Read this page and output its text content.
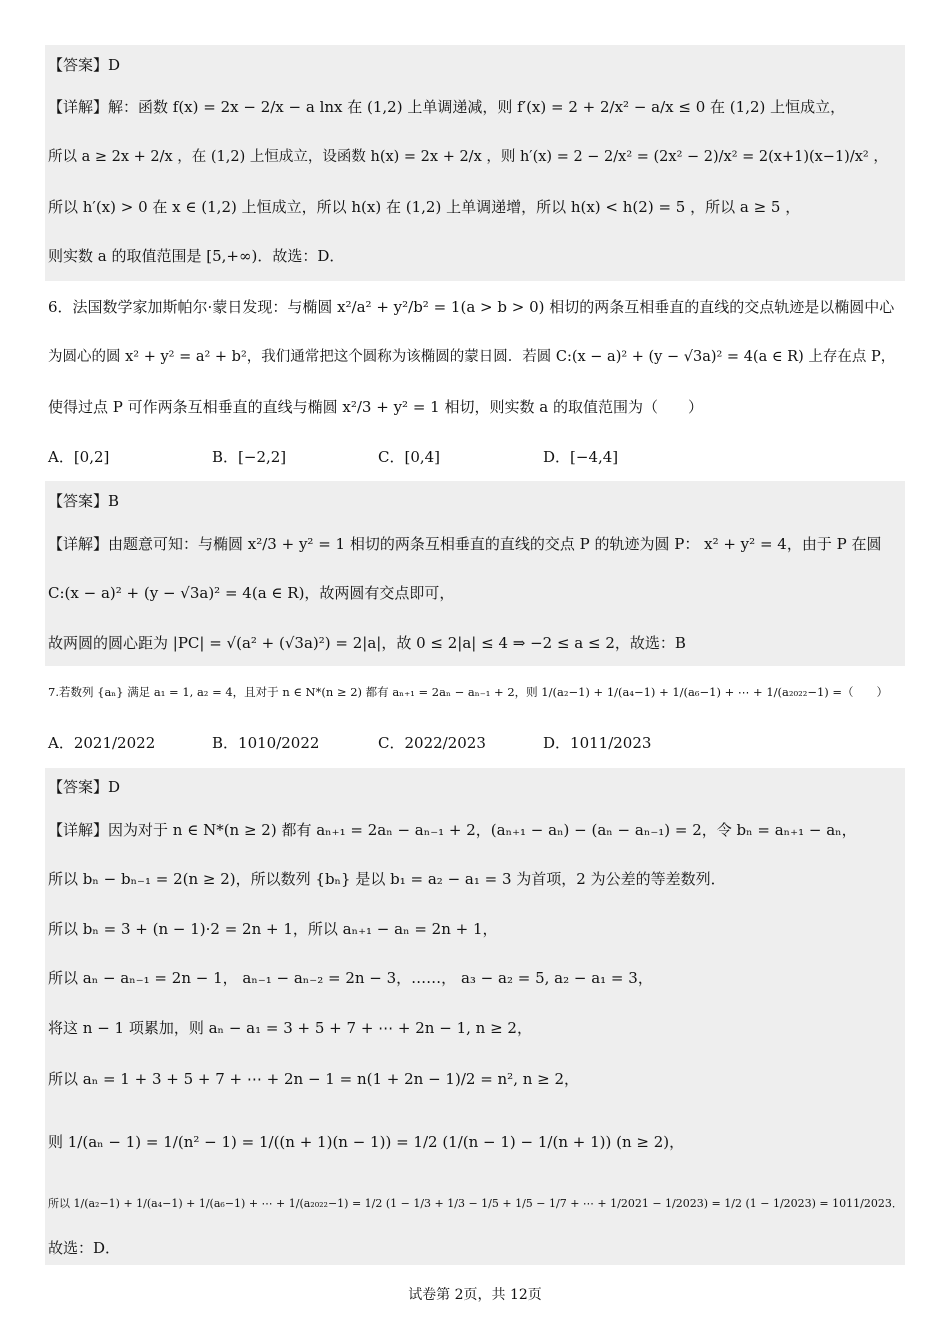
【答案】D
【详解】解：函数 f(x) = 2x − 2/x − a lnx 在 (1,2) 上单调递减，则 f′(x) = 2 + 2/x² − a/x ≤ 0 在 (1,2) 上恒成立，
所以 a ≥ 2x + 2/x ，在 (1,2) 上恒成立，设函数 h(x) = 2x + 2/x ，则 h′(x) = 2 − 2/x² = (2x² − 2)/x² = 2(x+1)(x−1)/x² ，
所以 h′(x) > 0 在 x ∈ (1,2) 上恒成立，所以 h(x) 在 (1,2) 上单调递增，所以 h(x) < h(2) = 5 ，所以 a ≥ 5 ，
则实数 a 的取值范围是 [5,+∞)．故选：D．
6．法国数学家加斯帕尔·蒙日发现：与椭圆 x²/a² + y²/b² = 1(a > b > 0) 相切的两条互相垂直的直线的交点轨迹是以椭圆中心
为圆心的圆 x² + y² = a² + b²，我们通常把这个圆称为该椭圆的蒙日圆．若圆 C:(x − a)² + (y − √3a)² = 4(a ∈ R) 上存在点 P，
使得过点 P 可作两条互相垂直的直线与椭圆 x²/3 + y² = 1 相切，则实数 a 的取值范围为（　　）
A．[0,2]	B．[−2,2]	C．[0,4]	D．[−4,4]
【答案】B
【详解】由题意可知：与椭圆 x²/3 + y² = 1 相切的两条互相垂直的直线的交点 P 的轨迹为圆 P： x² + y² = 4，由于 P 在圆
C:(x − a)² + (y − √3a)² = 4(a ∈ R)，故两圆有交点即可，
故两圆的圆心距为 |PC| = √(a² + (√3a)²) = 2|a|，故 0 ≤ 2|a| ≤ 4 ⇒ −2 ≤ a ≤ 2，故选：B
7.若数列 {aₙ} 满足 a₁ = 1, a₂ = 4，且对于 n ∈ N*(n ≥ 2) 都有 aₙ₊₁ = 2aₙ − aₙ₋₁ + 2，则 1/(a₂−1) + 1/(a₄−1) + 1/(a₆−1) + ⋯ + 1/(a₂₀₂₂−1) =（　　）
A．2021/2022	B．1010/2022	C．2022/2023	D．1011/2023
【答案】D
【详解】因为对于 n ∈ N*(n ≥ 2) 都有 aₙ₊₁ = 2aₙ − aₙ₋₁ + 2，(aₙ₊₁ − aₙ) − (aₙ − aₙ₋₁) = 2，令 bₙ = aₙ₊₁ − aₙ，
所以 bₙ − bₙ₋₁ = 2(n ≥ 2)，所以数列 {bₙ} 是以 b₁ = a₂ − a₁ = 3 为首项，2 为公差的等差数列．
所以 bₙ = 3 + (n − 1)·2 = 2n + 1，所以 aₙ₊₁ − aₙ = 2n + 1，
所以 aₙ − aₙ₋₁ = 2n − 1， aₙ₋₁ − aₙ₋₂ = 2n − 3，……， a₃ − a₂ = 5, a₂ − a₁ = 3，
将这 n − 1 项累加，则 aₙ − a₁ = 3 + 5 + 7 + ⋯ + 2n − 1, n ≥ 2，
所以 aₙ = 1 + 3 + 5 + 7 + ⋯ + 2n − 1 = n(1 + 2n − 1)/2 = n², n ≥ 2，
则 1/(aₙ − 1) = 1/(n² − 1) = 1/((n + 1)(n − 1)) = 1/2 (1/(n − 1) − 1/(n + 1)) (n ≥ 2)，
所以 1/(a₂−1) + 1/(a₄−1) + 1/(a₆−1) + ⋯ + 1/(a₂₀₂₂−1) = 1/2 (1 − 1/3 + 1/3 − 1/5 + 1/5 − 1/7 + ⋯ + 1/2021 − 1/2023) = 1/2 (1 − 1/2023) = 1011/2023．
故选：D．
试卷第 2页，共 12页
